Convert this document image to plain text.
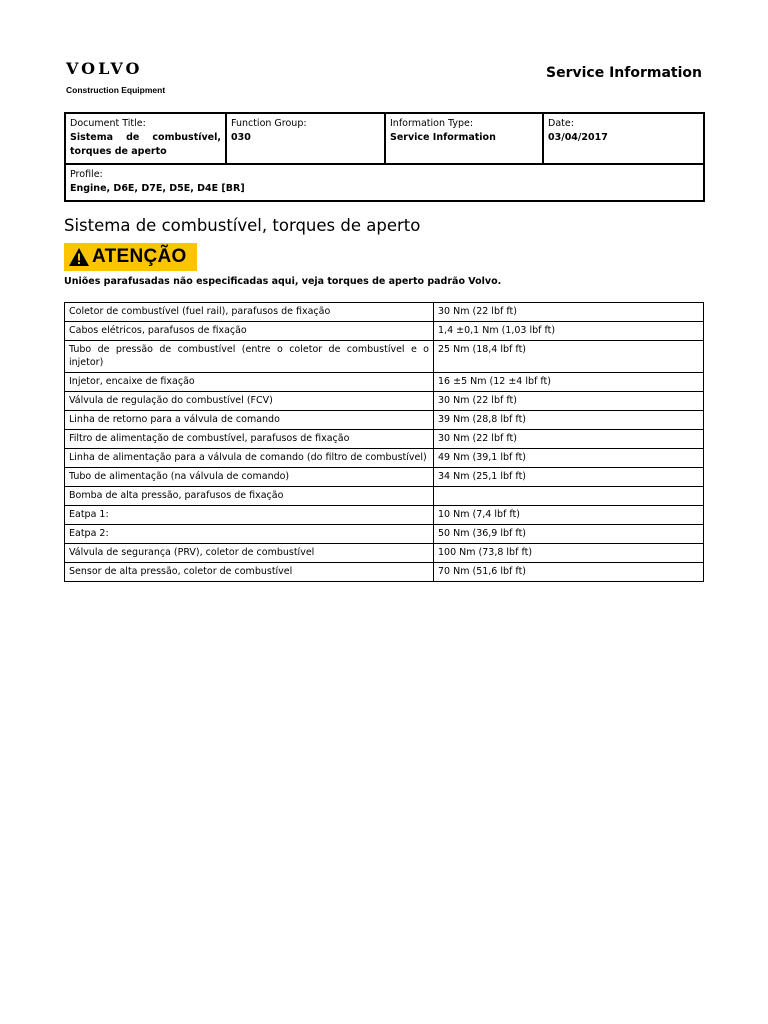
VOLVO
Construction Equipment
Service Information
Document Title:
Sistema de combustível, torques de aperto

Function Group:
030

Information Type:
Service Information

Date:
03/04/2017

Profile:
Engine, D6E, D7E, D5E, D4E [BR]
Sistema de combustível, torques de aperto
ATENÇÃO
Uniões parafusadas não especificadas aqui, veja torques de aperto padrão Volvo.
Coletor de combustível (fuel rail), parafusos de fixação	30 Nm (22 lbf ft)
Cabos elétricos, parafusos de fixação	1,4 ±0,1 Nm (1,03 lbf ft)
Tubo de pressão de combustível (entre o coletor de combustível e o injetor)	25 Nm (18,4 lbf ft)
Injetor, encaixe de fixação	16 ±5 Nm (12 ±4 lbf ft)
Válvula de regulação do combustível (FCV)	30 Nm (22 lbf ft)
Linha de retorno para a válvula de comando	39 Nm (28,8 lbf ft)
Filtro de alimentação de combustível, parafusos de fixação	30 Nm (22 lbf ft)
Linha de alimentação para a válvula de comando (do filtro de combustível)	49 Nm (39,1 lbf ft)
Tubo de alimentação (na válvula de comando)	34 Nm (25,1 lbf ft)
Bomba de alta pressão, parafusos de fixação	
Eatpa 1:	10 Nm (7,4 lbf ft)
Eatpa 2:	50 Nm (36,9 lbf ft)
Válvula de segurança (PRV), coletor de combustível	100 Nm (73,8 lbf ft)
Sensor de alta pressão, coletor de combustível	70 Nm (51,6 lbf ft)
